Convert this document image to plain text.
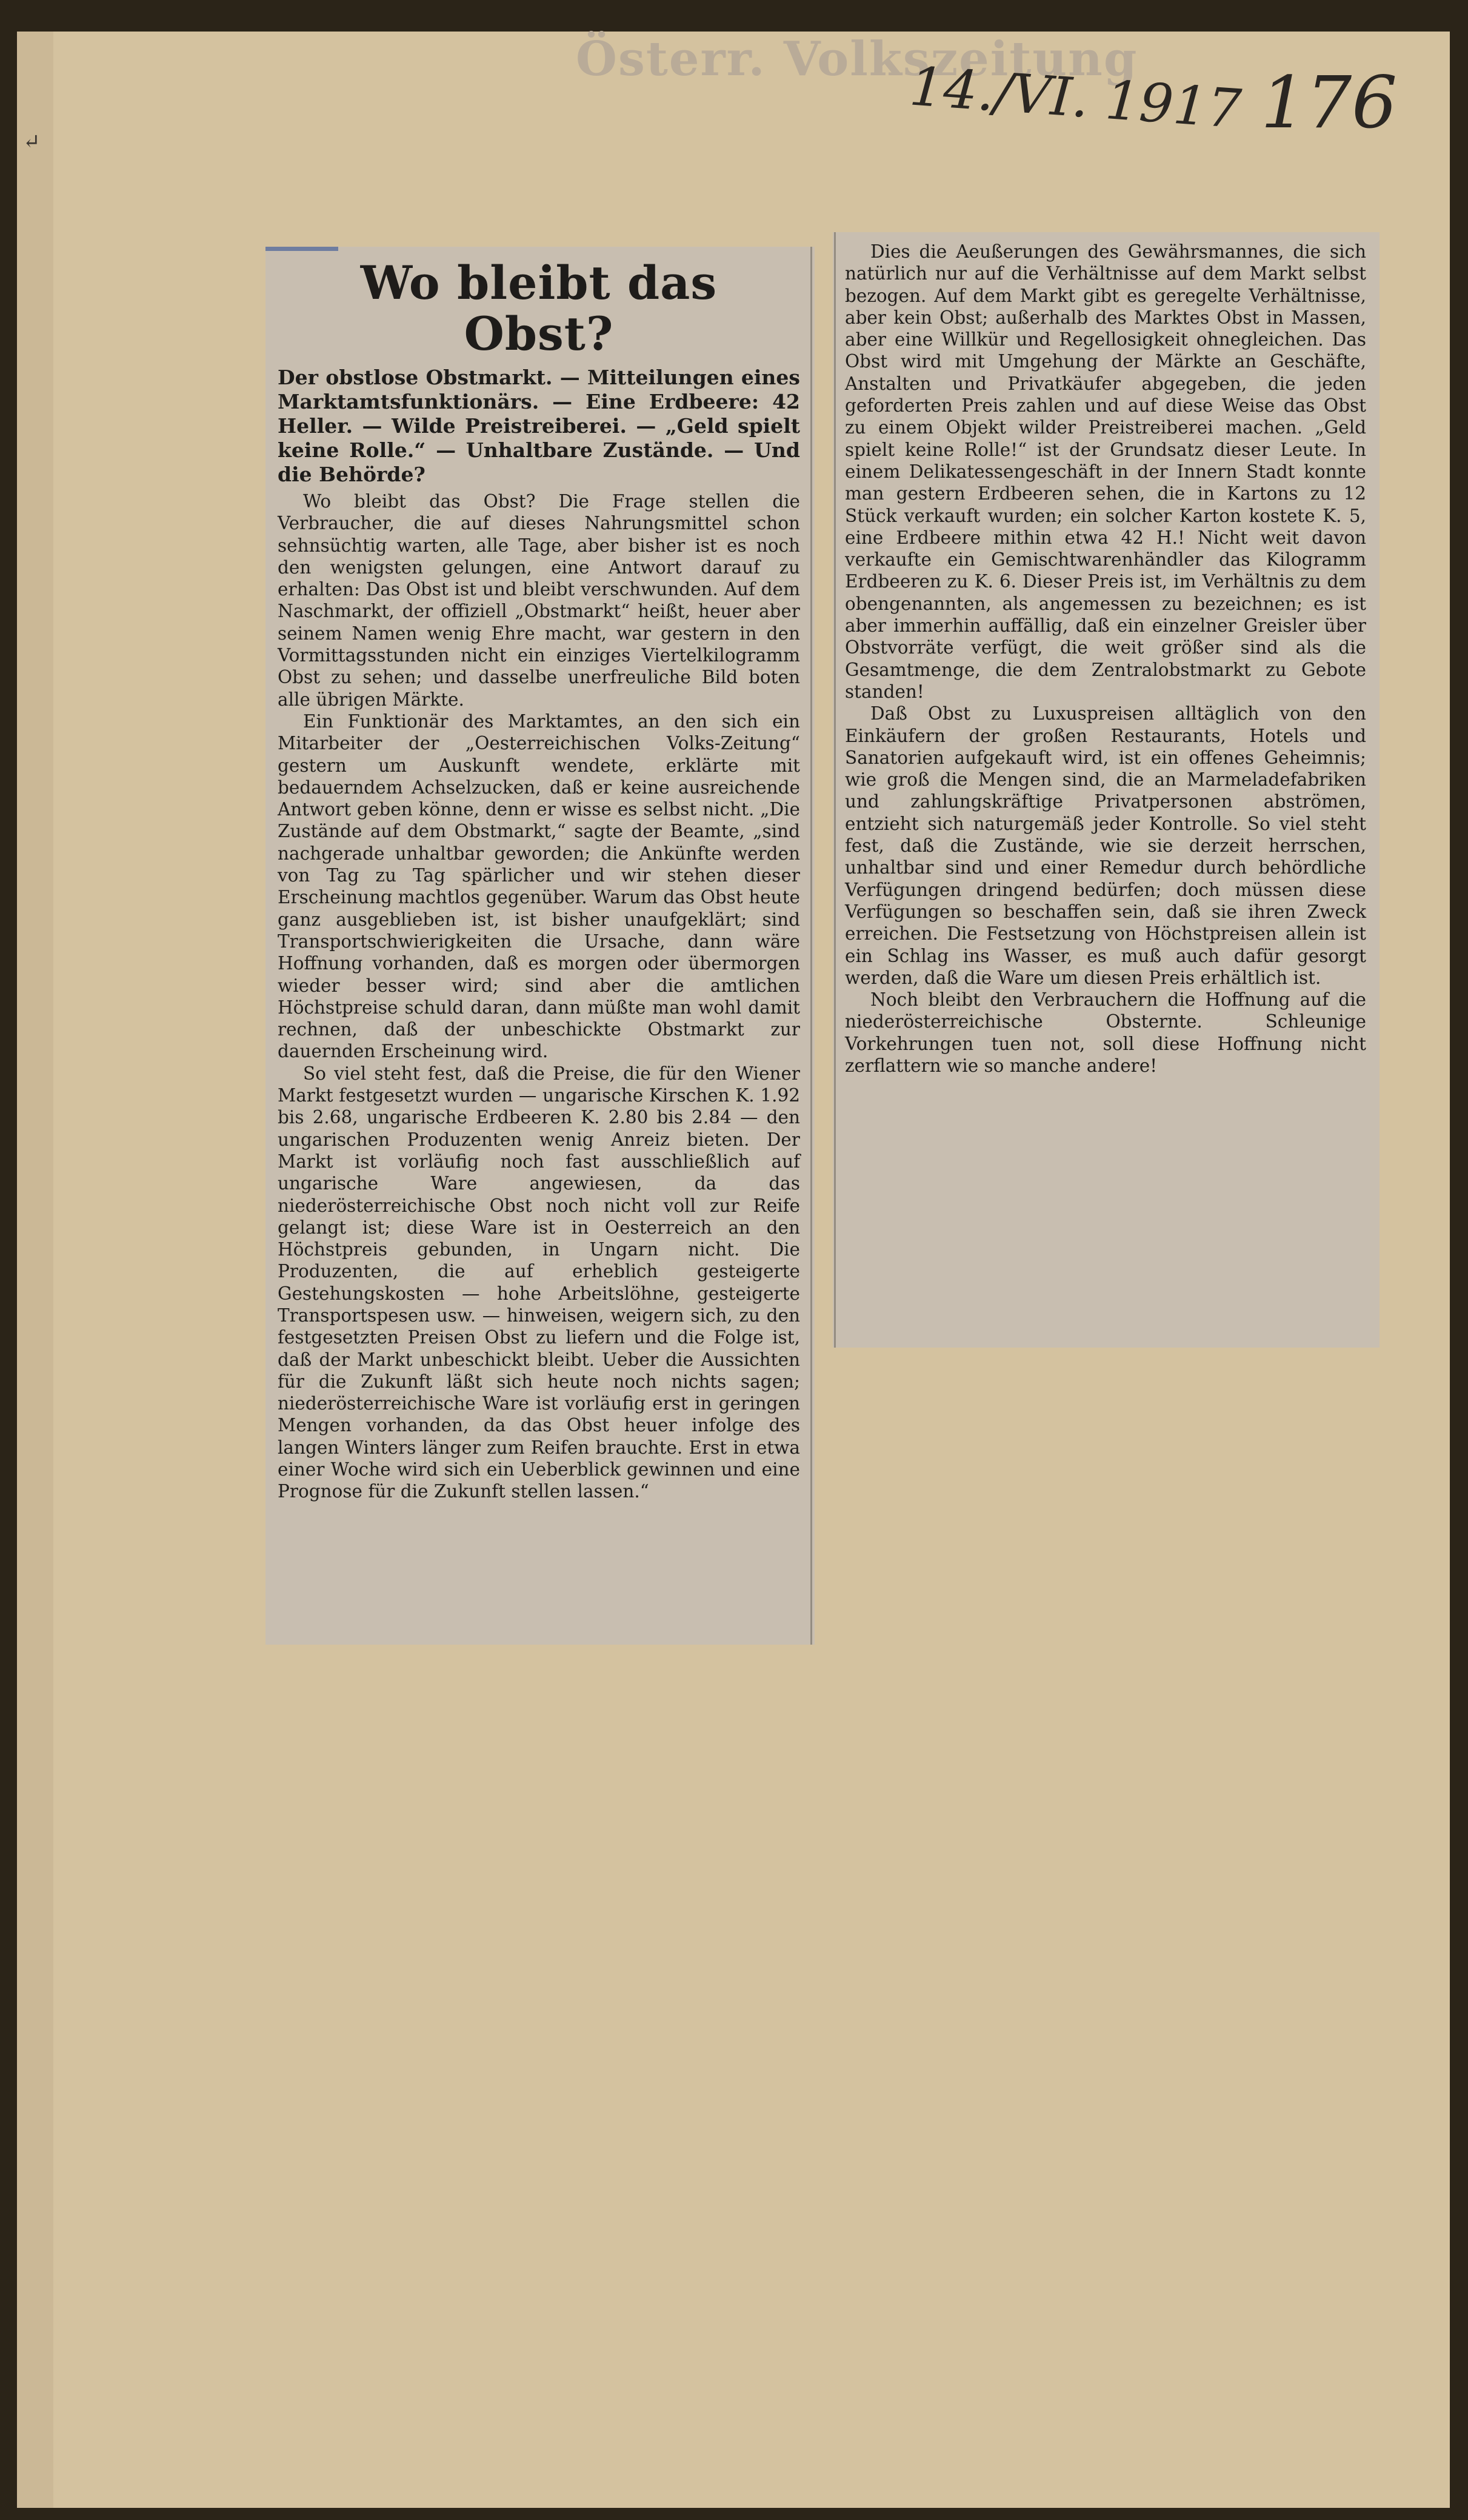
Österr. Volkszeitung
14./VI. 1917 176
↵
Wo bleibt das Obst?
Der obstlose Obstmarkt. — Mitteilungen eines Marktamtsfunktionärs. — Eine Erdbeere: 42 Heller. — Wilde Preistreiberei. — „Geld spielt keine Rolle.“ — Unhaltbare Zustände. — Und die Behörde?

Wo bleibt das Obst? Die Frage stellen die Verbraucher, die auf dieses Nahrungsmittel schon sehnsüchtig warten, alle Tage, aber bisher ist es noch den wenigsten gelungen, eine Antwort darauf zu erhalten: Das Obst ist und bleibt verschwunden. Auf dem Naschmarkt, der offiziell „Obstmarkt“ heißt, heuer aber seinem Namen wenig Ehre macht, war gestern in den Vormittagsstunden nicht ein einziges Viertelkilogramm Obst zu sehen; und dasselbe unerfreuliche Bild boten alle übrigen Märkte.

Ein Funktionär des Marktamtes, an den sich ein Mitarbeiter der „Oesterreichischen Volks-Zeitung“ gestern um Auskunft wendete, erklärte mit bedauerndem Achselzucken, daß er keine ausreichende Antwort geben könne, denn er wisse es selbst nicht. „Die Zustände auf dem Obstmarkt,“ sagte der Beamte, „sind nachgerade unhaltbar geworden; die Ankünfte werden von Tag zu Tag spärlicher und wir stehen dieser Erscheinung machtlos gegenüber. Warum das Obst heute ganz ausgeblieben ist, ist bisher unaufgeklärt; sind Transportschwierigkeiten die Ursache, dann wäre Hoffnung vorhanden, daß es morgen oder übermorgen wieder besser wird; sind aber die amtlichen Höchstpreise schuld daran, dann müßte man wohl damit rechnen, daß der unbeschickte Obstmarkt zur dauernden Erscheinung wird.

So viel steht fest, daß die Preise, die für den Wiener Markt festgesetzt wurden — ungarische Kirschen K. 1.92 bis 2.68, ungarische Erdbeeren K. 2.80 bis 2.84 — den ungarischen Produzenten wenig Anreiz bieten. Der Markt ist vorläufig noch fast ausschließlich auf ungarische Ware angewiesen, da das niederösterreichische Obst noch nicht voll zur Reife gelangt ist; diese Ware ist in Oesterreich an den Höchstpreis gebunden, in Ungarn nicht. Die Produzenten, die auf erheblich gesteigerte Gestehungskosten — hohe Arbeitslöhne, gesteigerte Transportspesen usw. — hinweisen, weigern sich, zu den festgesetzten Preisen Obst zu liefern und die Folge ist, daß der Markt unbeschickt bleibt. Ueber die Aussichten für die Zukunft läßt sich heute noch nichts sagen; niederösterreichische Ware ist vorläufig erst in geringen Mengen vorhanden, da das Obst heuer infolge des langen Winters länger zum Reifen brauchte. Erst in etwa einer Woche wird sich ein Ueberblick gewinnen und eine Prognose für die Zukunft stellen lassen.“

Dies die Aeußerungen des Gewährsmannes, die sich natürlich nur auf die Verhältnisse auf dem Markt selbst bezogen. Auf dem Markt gibt es geregelte Verhältnisse, aber kein Obst; außerhalb des Marktes Obst in Massen, aber eine Willkür und Regellosigkeit ohnegleichen. Das Obst wird mit Umgehung der Märkte an Geschäfte, Anstalten und Privatkäufer abgegeben, die jeden geforderten Preis zahlen und auf diese Weise das Obst zu einem Objekt wilder Preistreiberei machen. „Geld spielt keine Rolle!“ ist der Grundsatz dieser Leute. In einem Delikatessengeschäft in der Innern Stadt konnte man gestern Erdbeeren sehen, die in Kartons zu 12 Stück verkauft wurden; ein solcher Karton kostete K. 5, eine Erdbeere mithin etwa 42 H.! Nicht weit davon verkaufte ein Gemischtwarenhändler das Kilogramm Erdbeeren zu K. 6. Dieser Preis ist, im Verhältnis zu dem obengenannten, als angemessen zu bezeichnen; es ist aber immerhin auffällig, daß ein einzelner Greisler über Obstvorräte verfügt, die weit größer sind als die Gesamtmenge, die dem Zentralobstmarkt zu Gebote standen!

Daß Obst zu Luxuspreisen alltäglich von den Einkäufern der großen Restaurants, Hotels und Sanatorien aufgekauft wird, ist ein offenes Geheimnis; wie groß die Mengen sind, die an Marmeladefabriken und zahlungskräftige Privatpersonen abströmen, entzieht sich naturgemäß jeder Kontrolle. So viel steht fest, daß die Zustände, wie sie derzeit herrschen, unhaltbar sind und einer Remedur durch behördliche Verfügungen dringend bedürfen; doch müssen diese Verfügungen so beschaffen sein, daß sie ihren Zweck erreichen. Die Festsetzung von Höchstpreisen allein ist ein Schlag ins Wasser, es muß auch dafür gesorgt werden, daß die Ware um diesen Preis erhältlich ist.

Noch bleibt den Verbrauchern die Hoffnung auf die niederösterreichische Obsternte. Schleunige Vorkehrungen tuen not, soll diese Hoffnung nicht zerflattern wie so manche andere!
